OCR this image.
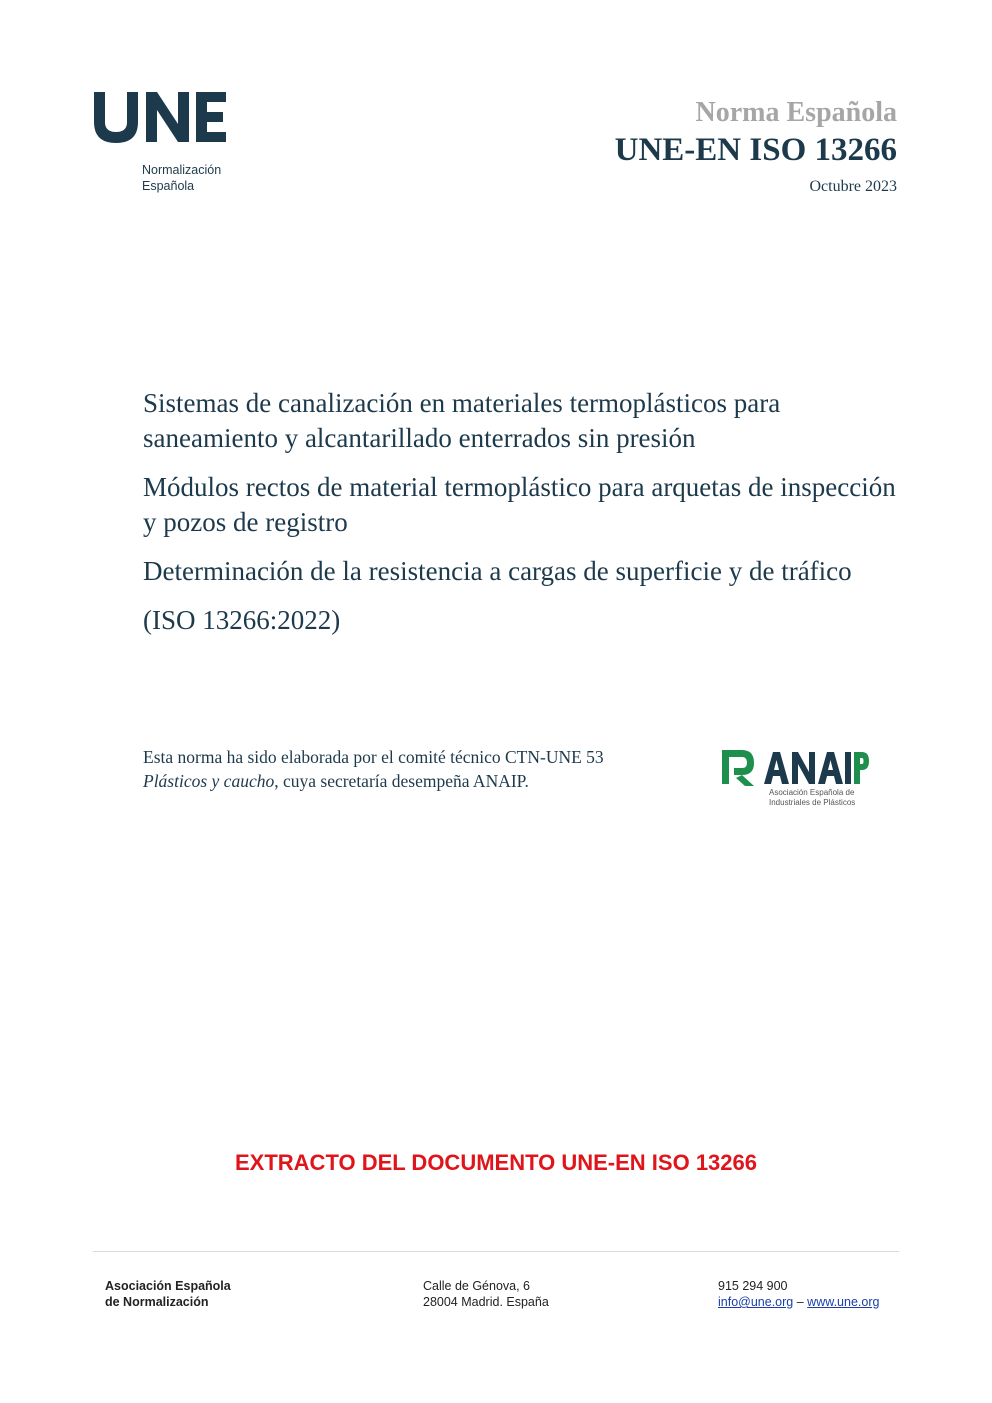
Normalización
Española
Norma Española
UNE-EN ISO 13266
Octubre 2023

Sistemas de canalización en materiales termoplásticos para saneamiento y alcantarillado enterrados sin presión

Módulos rectos de material termoplástico para arquetas de inspección y pozos de registro

Determinación de la resistencia a cargas de superficie y de tráfico

(ISO 13266:2022)

Esta norma ha sido elaborada por el comité técnico CTN-UNE 53 Plásticos y caucho, cuya secretaría desempeña ANAIP.
Asociación Española de
Industriales de Plásticos
EXTRACTO DEL DOCUMENTO UNE-EN ISO 13266
Asociación Española
de Normalización
Calle de Génova, 6
28004 Madrid. España
915 294 900
info@une.org – www.une.org
